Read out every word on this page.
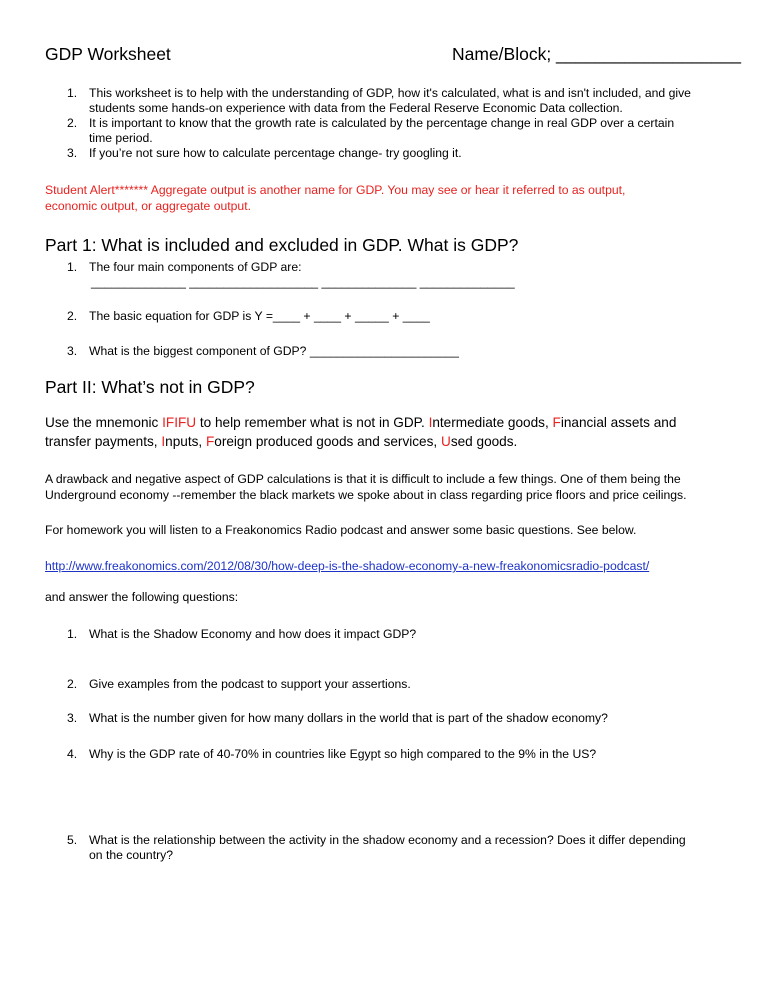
GDP Worksheet	Name/Block; ___________________
1. This worksheet is to help with the understanding of GDP, how it's calculated, what is and isn't included, and give
students some hands-on experience with data from the Federal Reserve Economic Data collection.
2. It is important to know that the growth rate is calculated by the percentage change in real GDP over a certain
time period.
3. If you’re not sure how to calculate percentage change- try googling it.
Student Alert******* Aggregate output is another name for GDP. You may see or hear it referred to as output,
economic output, or aggregate output.
Part 1: What is included and excluded in GDP. What is GDP?
1. The four main components of GDP are:
______________ ___________________ ______________ ______________
2. The basic equation for GDP is Y =____ + ____ + _____ + ____
3. What is the biggest component of GDP? ______________________
Part II: What’s not in GDP?
Use the mnemonic IFIFU to help remember what is not in GDP. Intermediate goods, Financial assets and
transfer payments, Inputs, Foreign produced goods and services, Used goods.
A drawback and negative aspect of GDP calculations is that it is difficult to include a few things. One of them being the
Underground economy --remember the black markets we spoke about in class regarding price floors and price ceilings.
For homework you will listen to a Freakonomics Radio podcast and answer some basic questions. See below.
http://www.freakonomics.com/2012/08/30/how-deep-is-the-shadow-economy-a-new-freakonomicsradio-podcast/
and answer the following questions:
1. What is the Shadow Economy and how does it impact GDP?
2. Give examples from the podcast to support your assertions.
3. What is the number given for how many dollars in the world that is part of the shadow economy?
4. Why is the GDP rate of 40-70% in countries like Egypt so high compared to the 9% in the US?
5. What is the relationship between the activity in the shadow economy and a recession? Does it differ depending
on the country?
